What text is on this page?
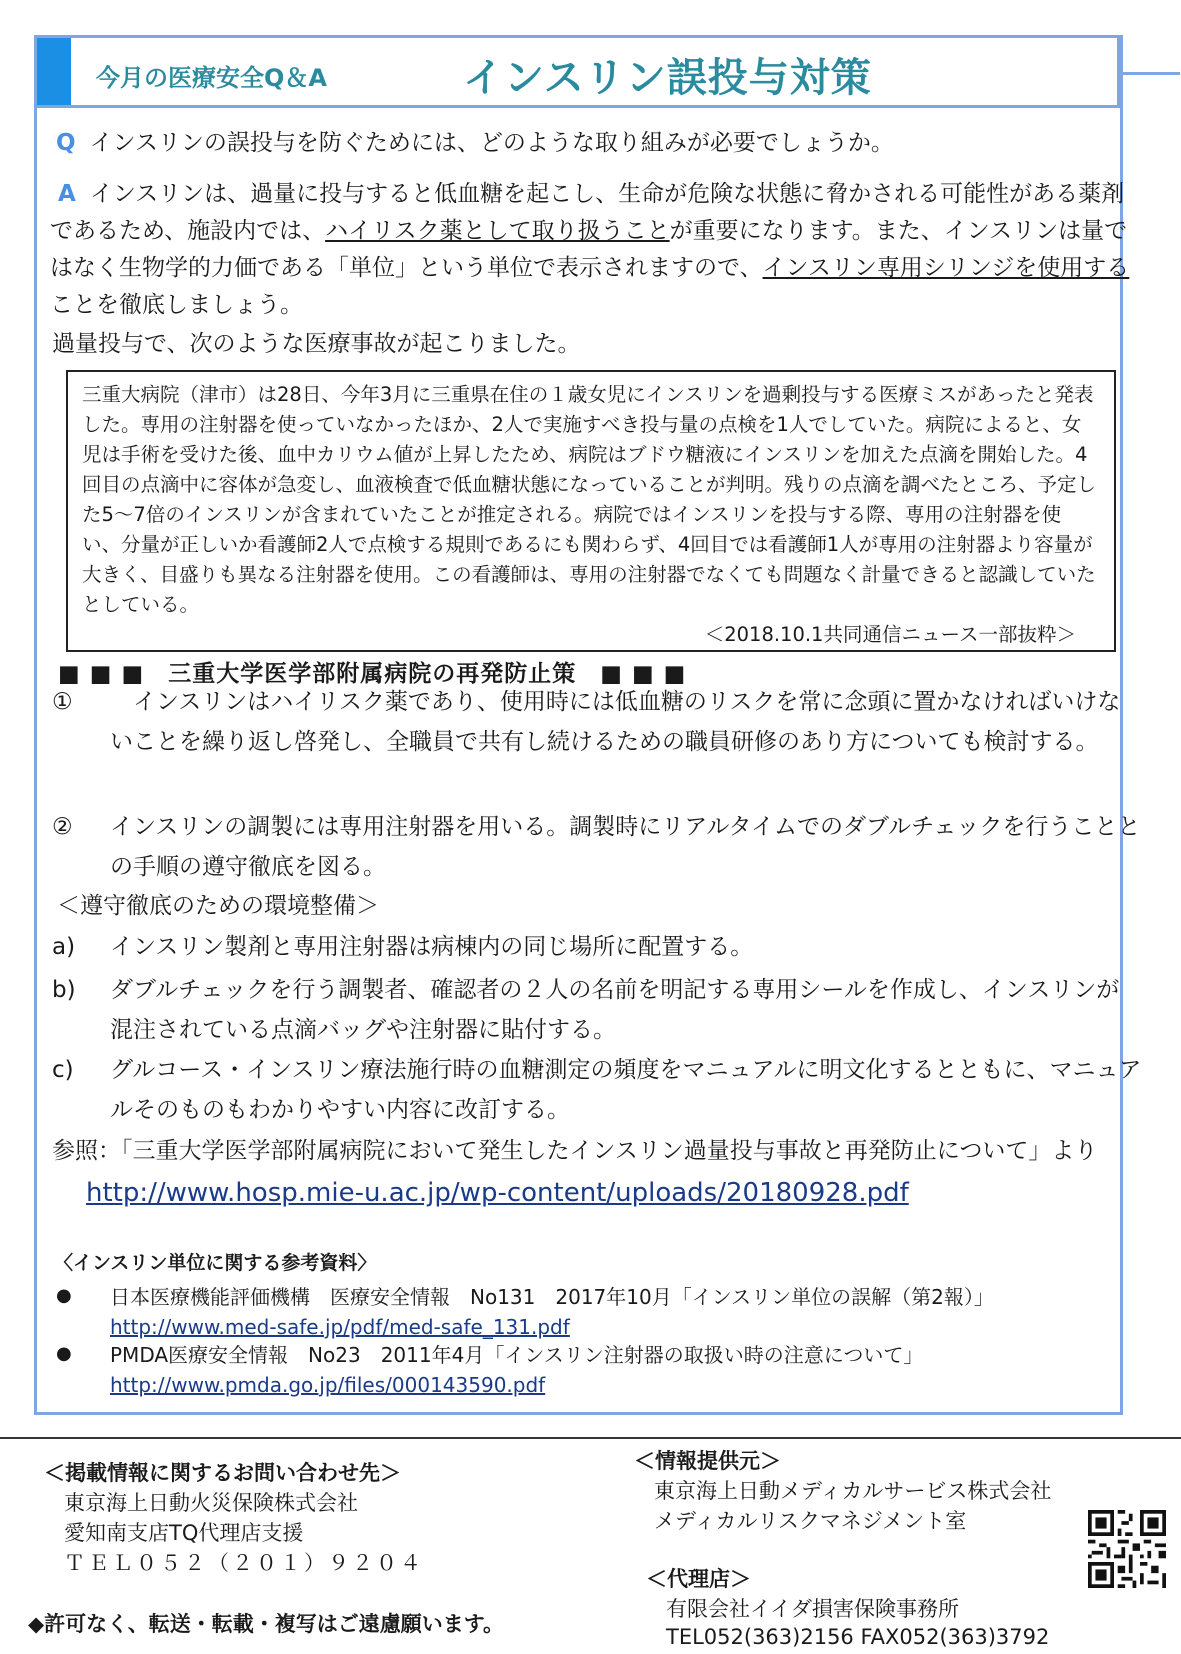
今月の医療安全Q＆A	インスリン誤投与対策
Q インスリンの誤投与を防ぐためには、どのような取り組みが必要でしょうか。
A インスリンは、過量に投与すると低血糖を起こし、生命が危険な状態に脅かされる可能性がある薬剤であるため、施設内では、ハイリスク薬として取り扱うことが重要になります。また、インスリンは量ではなく生物学的力価である「単位」という単位で表示されますので、インスリン専用シリンジを使用することを徹底しましょう。
過量投与で、次のような医療事故が起こりました。
三重大病院（津市）は28日、今年3月に三重県在住の１歳女児にインスリンを過剰投与する医療ミスがあったと発表した。専用の注射器を使っていなかったほか、2人で実施すべき投与量の点検を1人でしていた。病院によると、女児は手術を受けた後、血中カリウム値が上昇したため、病院はブドウ糖液にインスリンを加えた点滴を開始した。4回目の点滴中に容体が急変し、血液検査で低血糖状態になっていることが判明。残りの点滴を調べたところ、予定した5～7倍のインスリンが含まれていたことが推定される。病院ではインスリンを投与する際、専用の注射器を使い、分量が正しいか看護師2人で点検する規則であるにも関わらず、4回目では看護師1人が専用の注射器より容量が大きく、目盛りも異なる注射器を使用。この看護師は、専用の注射器でなくても問題なく計量できると認識していたとしている。
＜2018.10.1共同通信ニュース一部抜粋＞
■ ■ ■　三重大学医学部附属病院の再発防止策　■ ■ ■
① 　インスリンはハイリスク薬であり、使用時には低血糖のリスクを常に念頭に置かなければいけないことを繰り返し啓発し、全職員で共有し続けるための職員研修のあり方についても検討する。
② インスリンの調製には専用注射器を用いる。調製時にリアルタイムでのダブルチェックを行うこととの手順の遵守徹底を図る。
＜遵守徹底のための環境整備＞
a) インスリン製剤と専用注射器は病棟内の同じ場所に配置する。
b) ダブルチェックを行う調製者、確認者の２人の名前を明記する専用シールを作成し、インスリンが混注されている点滴バッグや注射器に貼付する。
c) グルコース・インスリン療法施行時の血糖測定の頻度をマニュアルに明文化するとともに、マニュアルそのものもわかりやすい内容に改訂する。
参照：「三重大学医学部附属病院において発生したインスリン過量投与事故と再発防止について」よりhttp://www.hosp.mie-u.ac.jp/wp-content/uploads/20180928.pdf
〈インスリン単位に関する参考資料〉
● 日本医療機能評価機構　医療安全情報　No131　2017年10月「インスリン単位の誤解（第2報）」
http://www.med-safe.jp/pdf/med-safe_131.pdf
● PMDA医療安全情報　No23　2011年4月「インスリン注射器の取扱い時の注意について」
http://www.pmda.go.jp/files/000143590.pdf
＜掲載情報に関するお問い合わせ先＞
東京海上日動火災保険株式会社
愛知南支店TQ代理店支援
ＴＥＬ０５２（２０１）９２０４
◆許可なく、転送・転載・複写はご遠慮願います。
＜情報提供元＞
東京海上日動メディカルサービス株式会社
メディカルリスクマネジメント室
＜代理店＞
有限会社イイダ損害保険事務所
TEL052(363)2156 FAX052(363)3792
